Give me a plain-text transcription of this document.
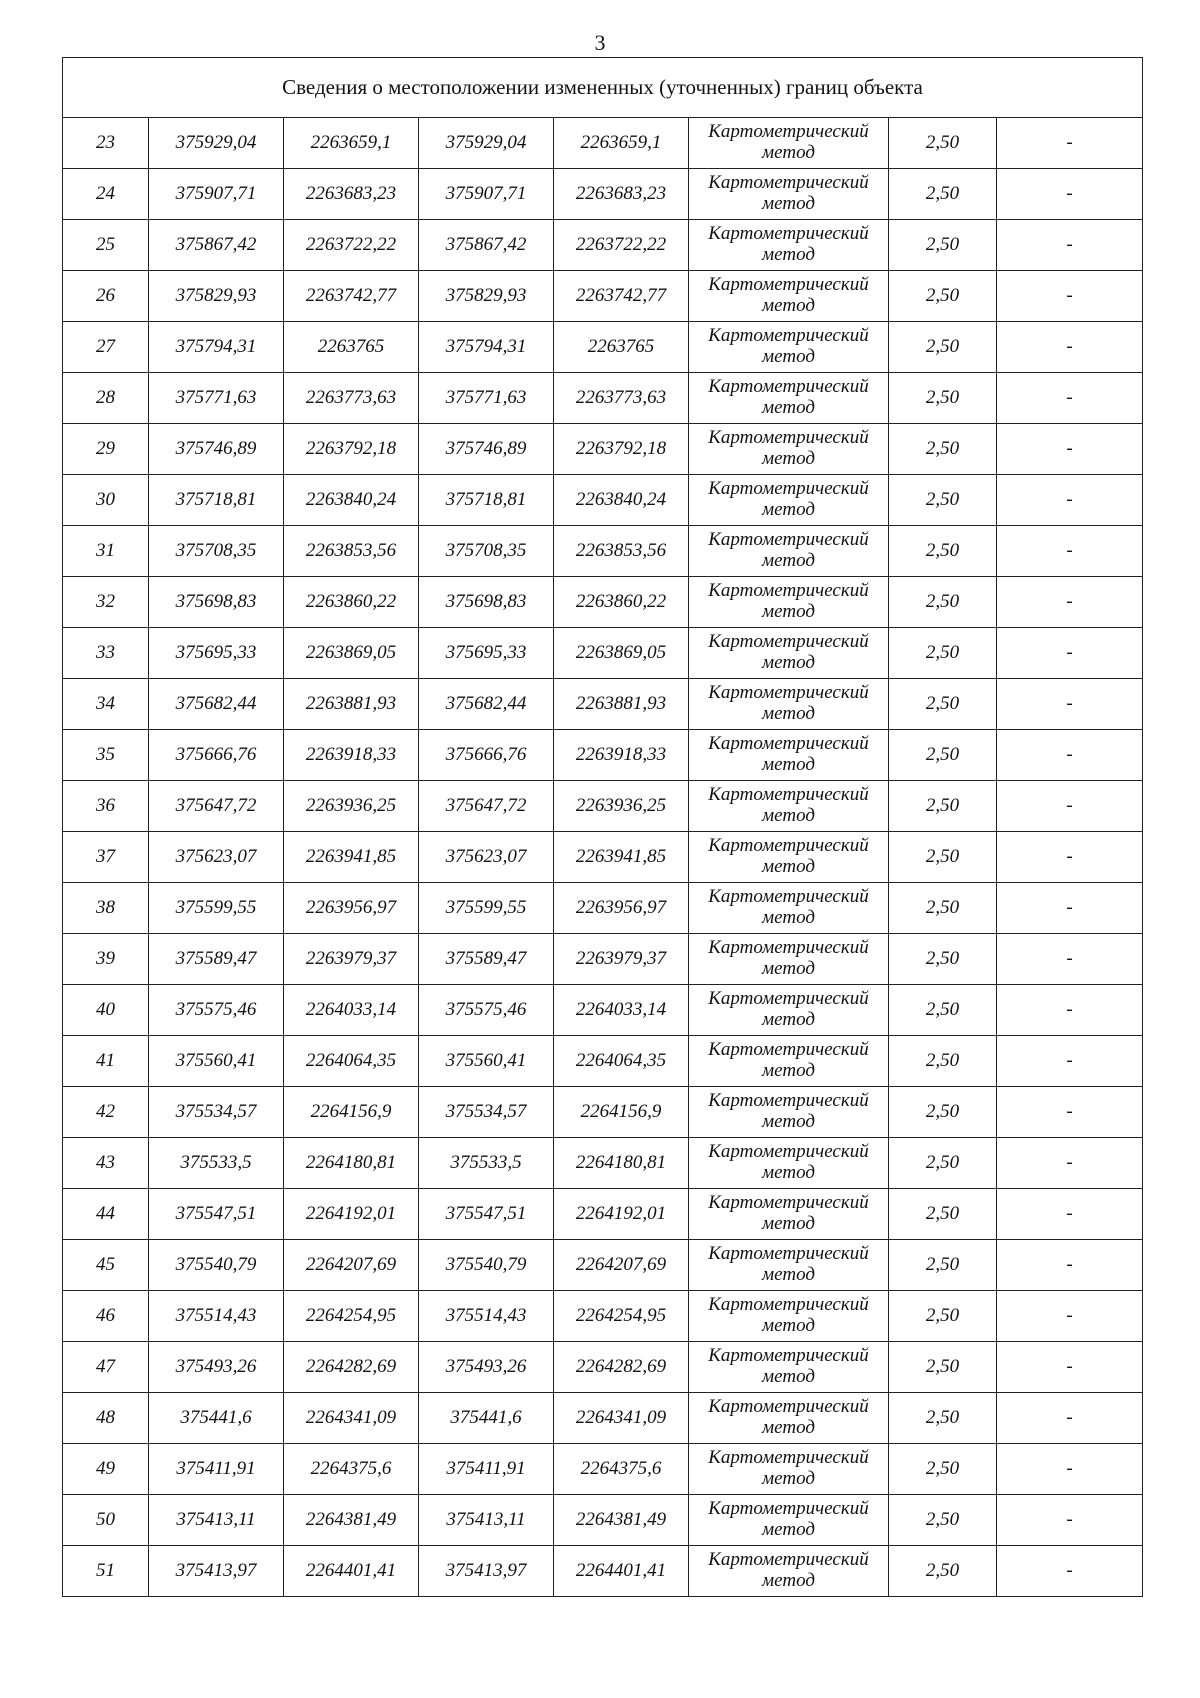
3
Сведения о местоположении измененных (уточненных) границ объекта							
23	375929,04	2263659,1	375929,04	2263659,1	Картометрический метод	2,50	-
24	375907,71	2263683,23	375907,71	2263683,23	Картометрический метод	2,50	-
25	375867,42	2263722,22	375867,42	2263722,22	Картометрический метод	2,50	-
26	375829,93	2263742,77	375829,93	2263742,77	Картометрический метод	2,50	-
27	375794,31	2263765	375794,31	2263765	Картометрический метод	2,50	-
28	375771,63	2263773,63	375771,63	2263773,63	Картометрический метод	2,50	-
29	375746,89	2263792,18	375746,89	2263792,18	Картометрический метод	2,50	-
30	375718,81	2263840,24	375718,81	2263840,24	Картометрический метод	2,50	-
31	375708,35	2263853,56	375708,35	2263853,56	Картометрический метод	2,50	-
32	375698,83	2263860,22	375698,83	2263860,22	Картометрический метод	2,50	-
33	375695,33	2263869,05	375695,33	2263869,05	Картометрический метод	2,50	-
34	375682,44	2263881,93	375682,44	2263881,93	Картометрический метод	2,50	-
35	375666,76	2263918,33	375666,76	2263918,33	Картометрический метод	2,50	-
36	375647,72	2263936,25	375647,72	2263936,25	Картометрический метод	2,50	-
37	375623,07	2263941,85	375623,07	2263941,85	Картометрический метод	2,50	-
38	375599,55	2263956,97	375599,55	2263956,97	Картометрический метод	2,50	-
39	375589,47	2263979,37	375589,47	2263979,37	Картометрический метод	2,50	-
40	375575,46	2264033,14	375575,46	2264033,14	Картометрический метод	2,50	-
41	375560,41	2264064,35	375560,41	2264064,35	Картометрический метод	2,50	-
42	375534,57	2264156,9	375534,57	2264156,9	Картометрический метод	2,50	-
43	375533,5	2264180,81	375533,5	2264180,81	Картометрический метод	2,50	-
44	375547,51	2264192,01	375547,51	2264192,01	Картометрический метод	2,50	-
45	375540,79	2264207,69	375540,79	2264207,69	Картометрический метод	2,50	-
46	375514,43	2264254,95	375514,43	2264254,95	Картометрический метод	2,50	-
47	375493,26	2264282,69	375493,26	2264282,69	Картометрический метод	2,50	-
48	375441,6	2264341,09	375441,6	2264341,09	Картометрический метод	2,50	-
49	375411,91	2264375,6	375411,91	2264375,6	Картометрический метод	2,50	-
50	375413,11	2264381,49	375413,11	2264381,49	Картометрический метод	2,50	-
51	375413,97	2264401,41	375413,97	2264401,41	Картометрический метод	2,50	-
